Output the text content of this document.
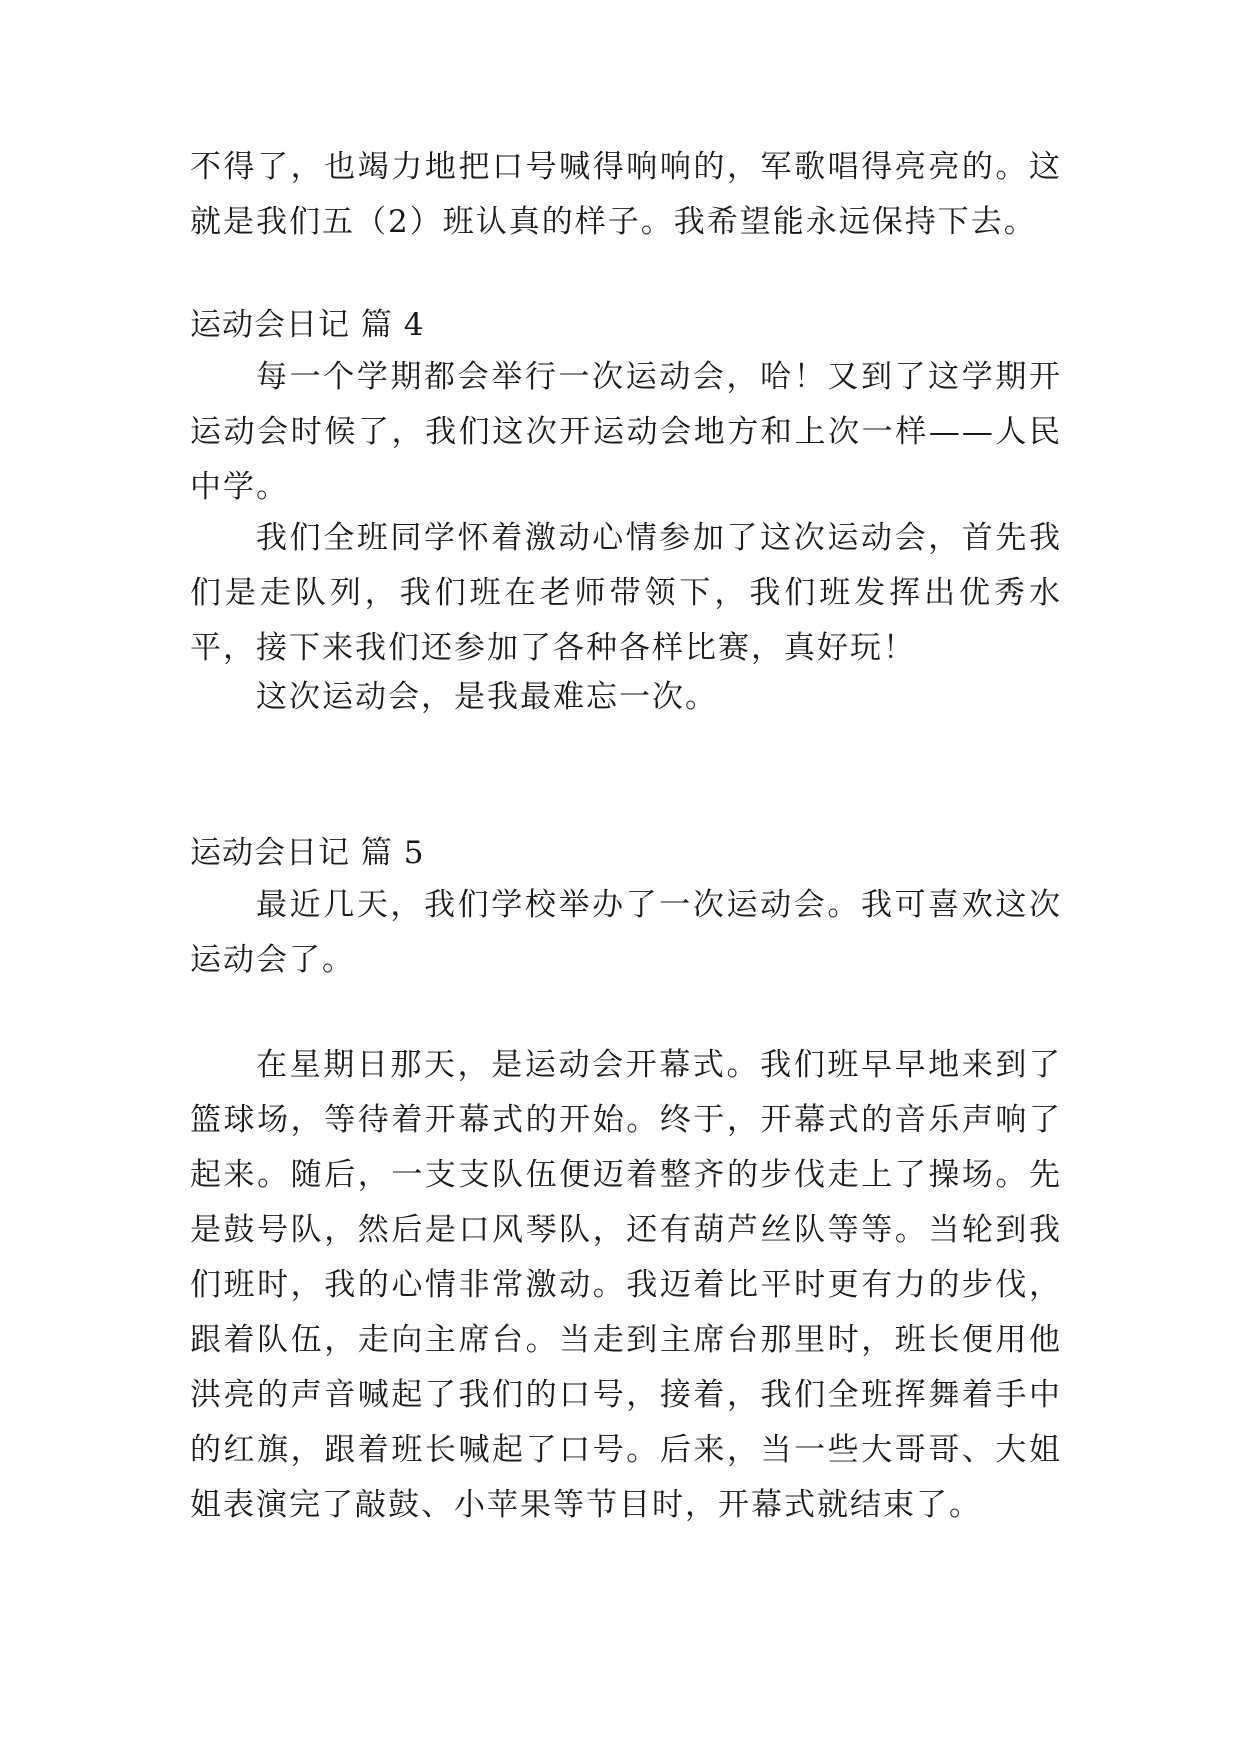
不得了，也竭力地把口号喊得响响的，军歌唱得亮亮的。这就是我们五（2）班认真的样子。我希望能永远保持下去。

运动会日记 篇 4

每一个学期都会举行一次运动会，哈！又到了这学期开运动会时候了，我们这次开运动会地方和上次一样——人民中学。

我们全班同学怀着激动心情参加了这次运动会，首先我们是走队列，我们班在老师带领下，我们班发挥出优秀水平，接下来我们还参加了各种各样比赛，真好玩！

这次运动会，是我最难忘一次。

运动会日记 篇 5

最近几天，我们学校举办了一次运动会。我可喜欢这次运动会了。

在星期日那天，是运动会开幕式。我们班早早地来到了篮球场，等待着开幕式的开始。终于，开幕式的音乐声响了起来。随后，一支支队伍便迈着整齐的步伐走上了操场。先是鼓号队，然后是口风琴队，还有葫芦丝队等等。当轮到我们班时，我的心情非常激动。我迈着比平时更有力的步伐，跟着队伍，走向主席台。当走到主席台那里时，班长便用他洪亮的声音喊起了我们的口号，接着，我们全班挥舞着手中的红旗，跟着班长喊起了口号。后来，当一些大哥哥、大姐姐表演完了敲鼓、小苹果等节目时，开幕式就结束了。
